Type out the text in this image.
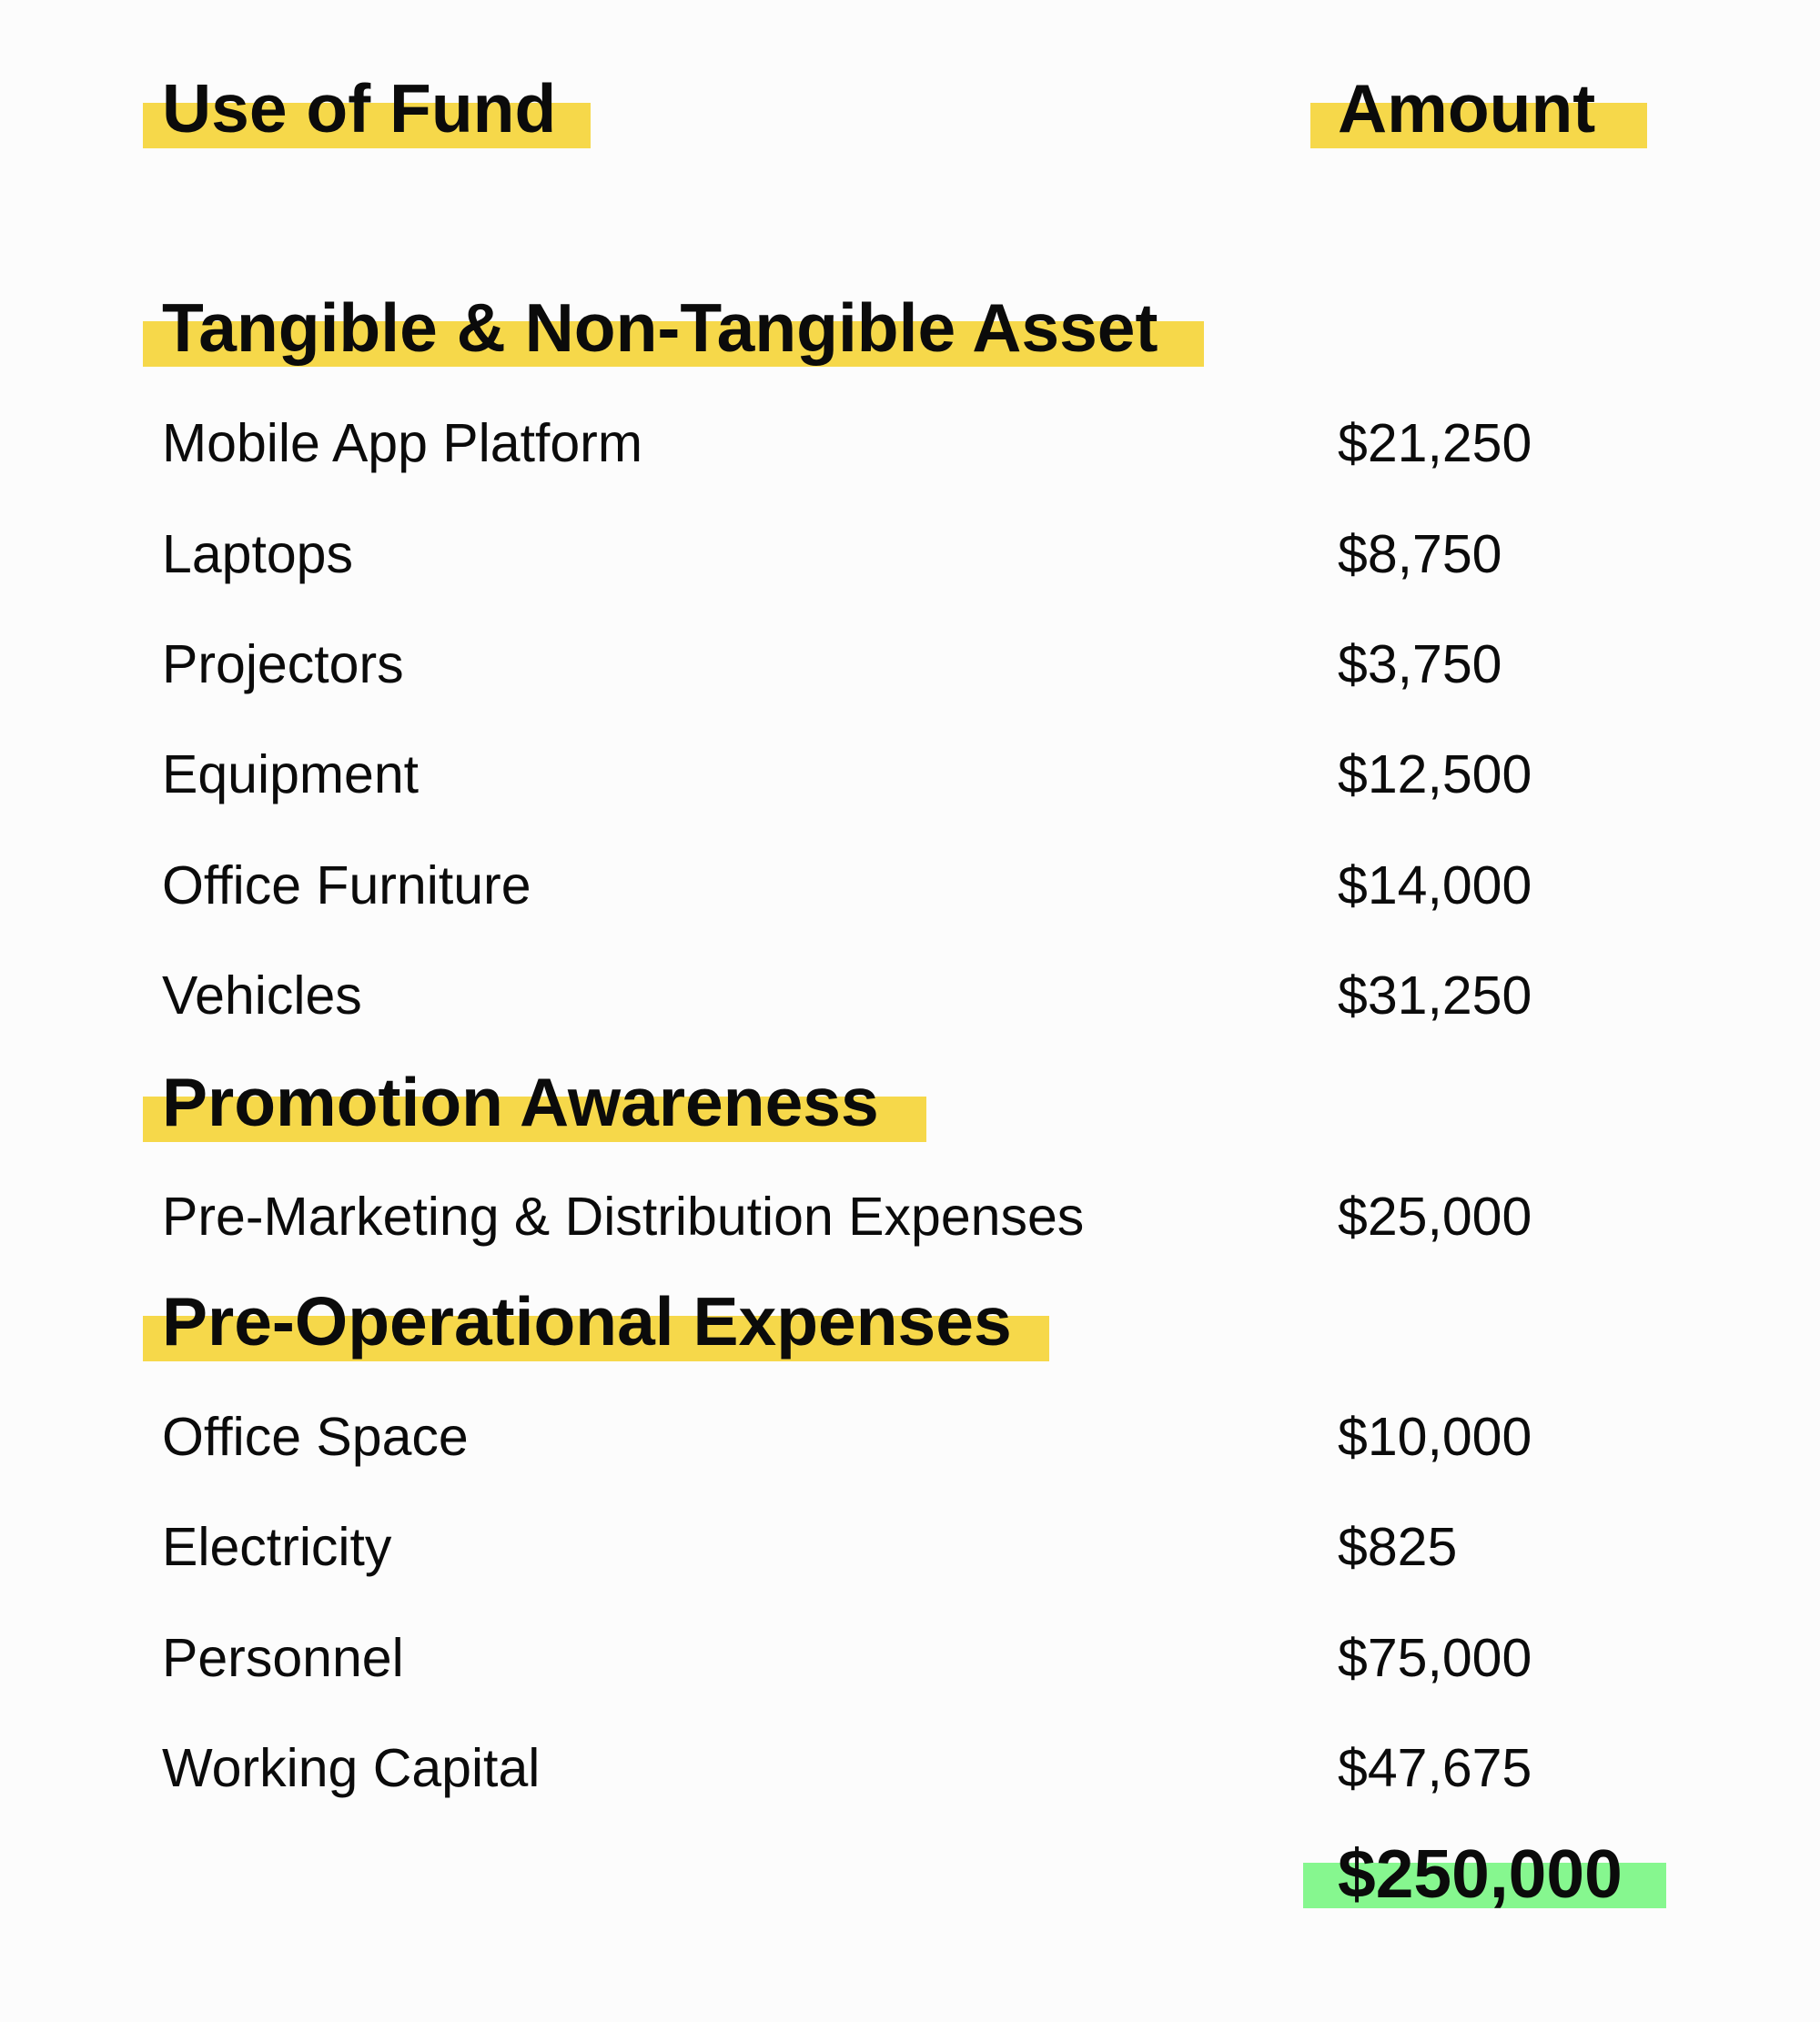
Use of Fund	Amount
Tangible & Non-Tangible Asset
Mobile App Platform	$21,250
Laptops	$8,750
Projectors	$3,750
Equipment	$12,500
Office Furniture	$14,000
Vehicles	$31,250
Promotion Awareness
Pre-Marketing & Distribution Expenses	$25,000
Pre-Operational Expenses
Office Space	$10,000
Electricity	$825
Personnel	$75,000
Working Capital	$47,675
$250,000
